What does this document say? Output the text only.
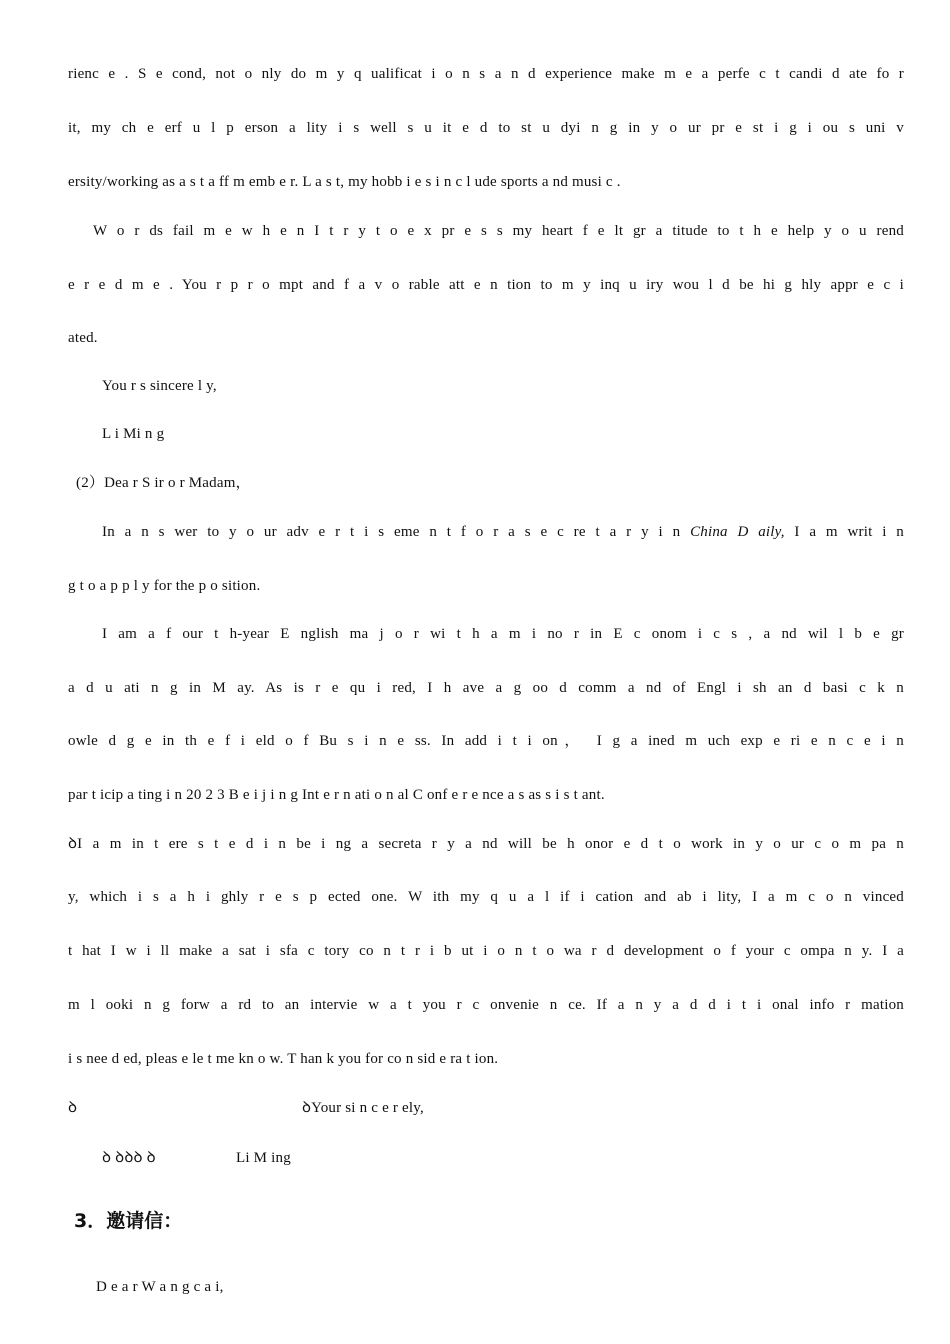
rienc e . S e cond, not o nly do m y q ualificat i o n s a n d experience make m e a perfe c t candi d ate fo r
it, my ch e erf u l p erson a lity i s well s u it e d to st u dyi n g in y o ur pr e st i g i ou s uni v
ersity/working as a s t a ff m emb e r. L a s t, my hobb i e s i n c l ude sports a nd musi c .
W o r ds fail m e w h e n I t r y t o e x pr e s s my heart f e lt gr a titude to t h e help y o u rend
e r e d m e . You r p r o mpt and f a v o rable att e n tion to m y inq u iry wou l d be hi g hly appr e c i
ated.
You r s sincere l y,
L i Mi n g
(2）Dea r S ir o r Madam，
In a n s wer to y o ur adv e r t i s eme n t f o r a s e c re t a r y i n China D aily, I a m writ i n
g t o a p p l y for the p o sition.
I am a f our t h-year E nglish ma j o r wi t h a m i no r in E c onom i c s , a nd wil l b e gr
a d u ati n g in M ay. As is r e qu i red, I h ave a g oo d comm a nd of Engl i sh an d basi c k n
owle d g e in th e f i eld o f Bu s i n e ss. In add i t i on， I g a ined m uch exp e ri e n c e i n
par t icip a ting i n 20 2 3 B e i j i n g Int e r n ati o n al C onf e r e nce a s as s i s t ant.
ꝺI a m in t ere s t e d i n be i ng a secreta r y a nd will be h onor e d t o work in y o ur c o m pa n
y, which i s a h i ghly r e s p ected one. W ith my q u a l if i cation and ab i lity, I a m c o n vinced
t hat I w i ll make a sat i sfa c tory co n t r i b ut i o n t o wa r d development o f your c ompa n y. I a
m l ooki n g forw a rd to an intervie w a t you r c onvenie n ce. If a n y a d d i t i onal info r mation
i s nee d ed, pleas e le t me kn o w. T han k you for co n sid e ra t ion.
ꝺ	ꝺYour si n c e r ely,
ꝺ ꝺꝺꝺ ꝺ	Li M ing
3．邀请信：
D e a r W a n g c a i,
